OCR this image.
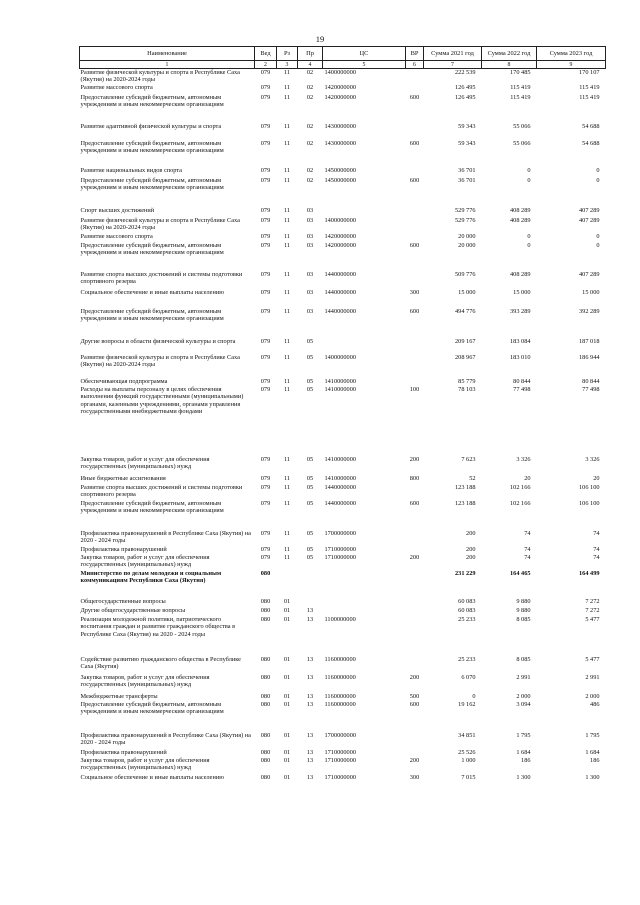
19
Наименование	Вед	Рз	Пр	ЦС	ВР	Сумма 2021 год	Сумма 2022 год	Сумма 2023 год
1	2	3	4	5	6	7	8	9
Развитие физической культуры и спорта в Республике Саха (Якутия) на 2020-2024 годы	079	11	02	1400000000		222 539	170 485	170 107
Развитие массового спорта	079	11	02	1420000000		126 495	115 419	115 419
Предоставление субсидий бюджетным, автономным учреждениям и иным некоммерческим организациям	079	11	02	1420000000	600	126 495	115 419	115 419
Развитие адаптивной физической культуры и спорта	079	11	02	1430000000		59 343	55 066	54 688
Предоставление субсидий бюджетным, автономным учреждениям и иным некоммерческим организациям	079	11	02	1430000000	600	59 343	55 066	54 688
Развитие национальных видов спорта	079	11	02	1450000000		36 701	0	0
Предоставление субсидий бюджетным, автономным учреждениям и иным некоммерческим организациям	079	11	02	1450000000	600	36 701	0	0
Спорт высших достижений	079	11	03			529 776	408 289	407 289
Развитие физической культуры и спорта в Республике Саха (Якутия) на 2020-2024 годы	079	11	03	1400000000		529 776	408 289	407 289
Развитие массового спорта	079	11	03	1420000000		20 000	0	0
Предоставление субсидий бюджетным, автономным учреждениям и иным некоммерческим организациям	079	11	03	1420000000	600	20 000	0	0
Развитие спорта высших достижений и системы подготовки спортивного резерва	079	11	03	1440000000		509 776	408 289	407 289
Социальное обеспечение и иные выплаты населению	079	11	03	1440000000	300	15 000	15 000	15 000
Предоставление субсидий бюджетным, автономным учреждениям и иным некоммерческим организациям	079	11	03	1440000000	600	494 776	393 289	392 289
Другие вопросы в области физической культуры и спорта	079	11	05			209 167	183 084	187 018
Развитие физической культуры и спорта в Республике Саха (Якутия) на 2020-2024 годы	079	11	05	1400000000		208 967	183 010	186 944
Обеспечивающая подпрограмма	079	11	05	1410000000		85 779	80 844	80 844
Расходы на выплаты персоналу в целях обеспечения выполнения функций государственными (муниципальными) органами, казенными учреждениями, органами управления государственными внебюджетными фондами	079	11	05	1410000000	100	78 103	77 498	77 498
Закупка товаров, работ и услуг для обеспечения государственных (муниципальных) нужд	079	11	05	1410000000	200	7 623	3 326	3 326
Иные бюджетные ассигнования	079	11	05	1410000000	800	52	20	20
Развитие спорта высших достижений и системы подготовки спортивного резерва	079	11	05	1440000000		123 188	102 166	106 100
Предоставление субсидий бюджетным, автономным учреждениям и иным некоммерческим организациям	079	11	05	1440000000	600	123 188	102 166	106 100
Профилактика правонарушений в Республике Саха (Якутия) на 2020 - 2024 годы	079	11	05	1700000000		200	74	74
Профилактика правонарушений	079	11	05	1710000000		200	74	74
Закупка товаров, работ и услуг для обеспечения государственных (муниципальных) нужд	079	11	05	1710000000	200	200	74	74
Министерство по делам молодежи и социальным коммуникациям Республики Саха (Якутия)	080					231 229	164 465	164 499
Общегосударственные вопросы	080	01				60 083	9 880	7 272
Другие общегосударственные вопросы	080	01	13			60 083	9 880	7 272
Реализация молодежной политики, патриотического воспитания граждан и развитие гражданского общества в Республике Саха (Якутия) на 2020 - 2024 годы	080	01	13	1100000000		25 233	8 085	5 477
Содействие развитию гражданского общества в Республике Саха (Якутия)	080	01	13	1160000000		25 233	8 085	5 477
Закупка товаров, работ и услуг для обеспечения государственных (муниципальных) нужд	080	01	13	1160000000	200	6 070	2 991	2 991
Межбюджетные трансферты	080	01	13	1160000000	500	0	2 000	2 000
Предоставление субсидий бюджетным, автономным учреждениям и иным некоммерческим организациям	080	01	13	1160000000	600	19 162	3 094	486
Профилактика правонарушений в Республике Саха (Якутия) на 2020 - 2024 годы	080	01	13	1700000000		34 851	1 795	1 795
Профилактика правонарушений	080	01	13	1710000000		25 526	1 684	1 684
Закупка товаров, работ и услуг для обеспечения государственных (муниципальных) нужд	080	01	13	1710000000	200	1 000	186	186
Социальное обеспечение и иные выплаты населению	080	01	13	1710000000	300	7 015	1 300	1 300
